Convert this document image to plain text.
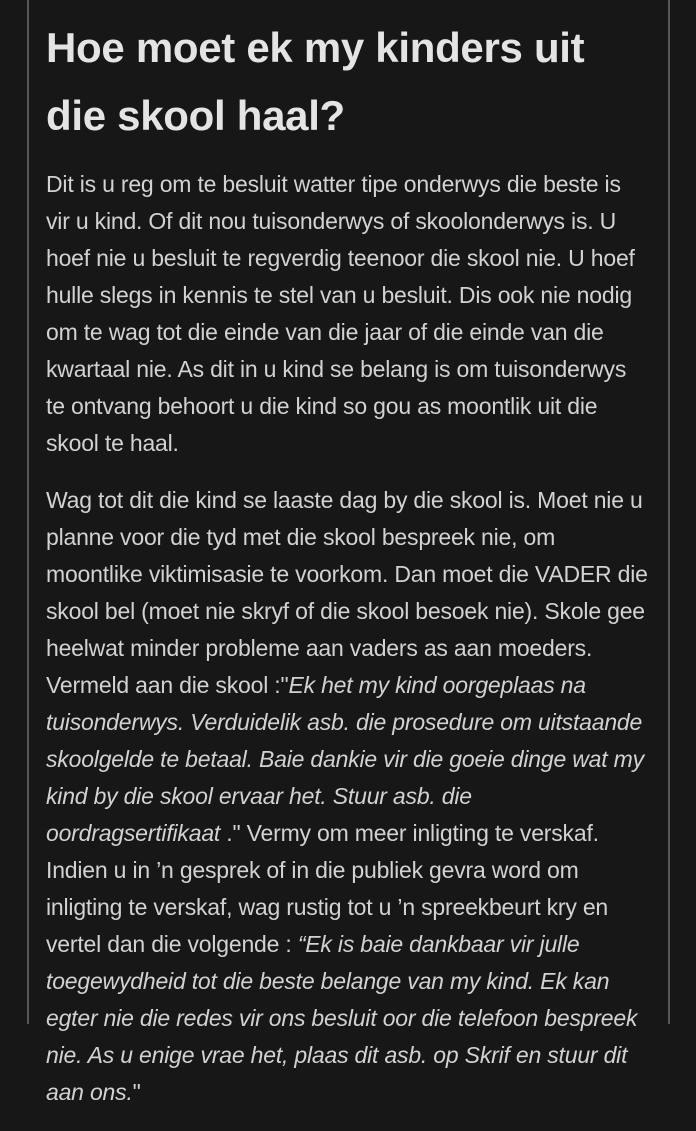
Hoe moet ek my kinders uit die skool haal?

Dit is u reg om te besluit watter tipe onderwys die beste is vir u kind. Of dit nou tuisonderwys of skoolonderwys is. U hoef nie u besluit te regverdig teenoor die skool nie. U hoef hulle slegs in kennis te stel van u besluit. Dis ook nie nodig om te wag tot die einde van die jaar of die einde van die kwartaal nie. As dit in u kind se belang is om tuisonderwys te ontvang behoort u die kind so gou as moontlik uit die skool te haal.

Wag tot dit die kind se laaste dag by die skool is. Moet nie u planne voor die tyd met die skool bespreek nie, om moontlike viktimisasie te voorkom. Dan moet die VADER die skool bel (moet nie skryf of die skool besoek nie). Skole gee heelwat minder probleme aan vaders as aan moeders. Vermeld aan die skool :"Ek het my kind oorgeplaas na tuisonderwys. Verduidelik asb. die prosedure om uitstaande skoolgelde te betaal. Baie dankie vir die goeie dinge wat my kind by die skool ervaar het. Stuur asb. die oordragsertifikaat ." Vermy om meer inligting te verskaf. Indien u in ’n gesprek of in die publiek gevra word om inligting te verskaf, wag rustig tot u ’n spreekbeurt kry en vertel dan die volgende : “Ek is baie dankbaar vir julle toegewydheid tot die beste belange van my kind. Ek kan egter nie die redes vir ons besluit oor die telefoon bespreek nie. As u enige vrae het, plaas dit asb. op Skrif en stuur dit aan ons."
